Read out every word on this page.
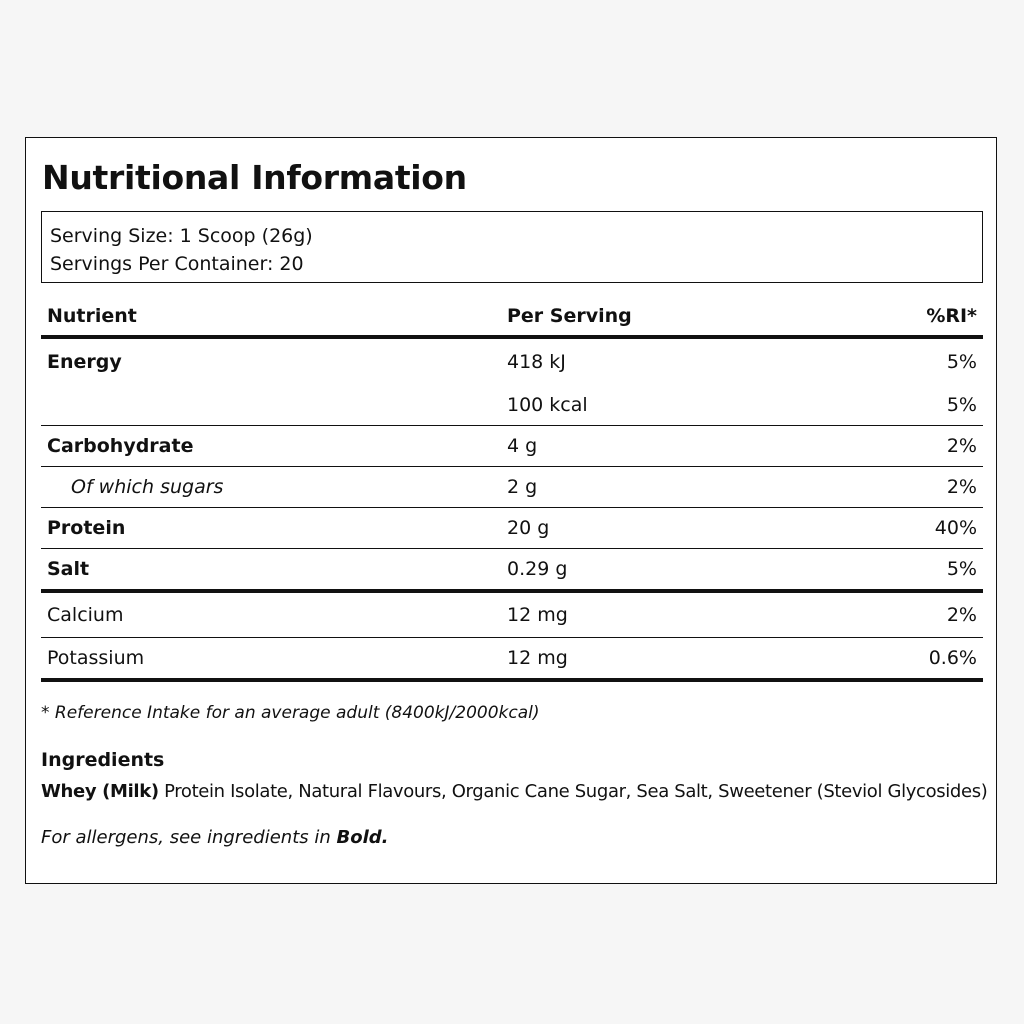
Nutritional Information
Serving Size: 1 Scoop (26g)
Servings Per Container: 20
Nutrient	Per Serving	%RI*
Energy	418 kJ	5%
	100 kcal	5%
Carbohydrate	4 g	2%
Of which sugars	2 g	2%
Protein	20 g	40%
Salt	0.29 g	5%
Calcium	12 mg	2%
Potassium	12 mg	0.6%
* Reference Intake for an average adult (8400kJ/2000kcal)
Ingredients
Whey (Milk) Protein Isolate, Natural Flavours, Organic Cane Sugar, Sea Salt, Sweetener (Steviol Glycosides)
For allergens, see ingredients in Bold.
